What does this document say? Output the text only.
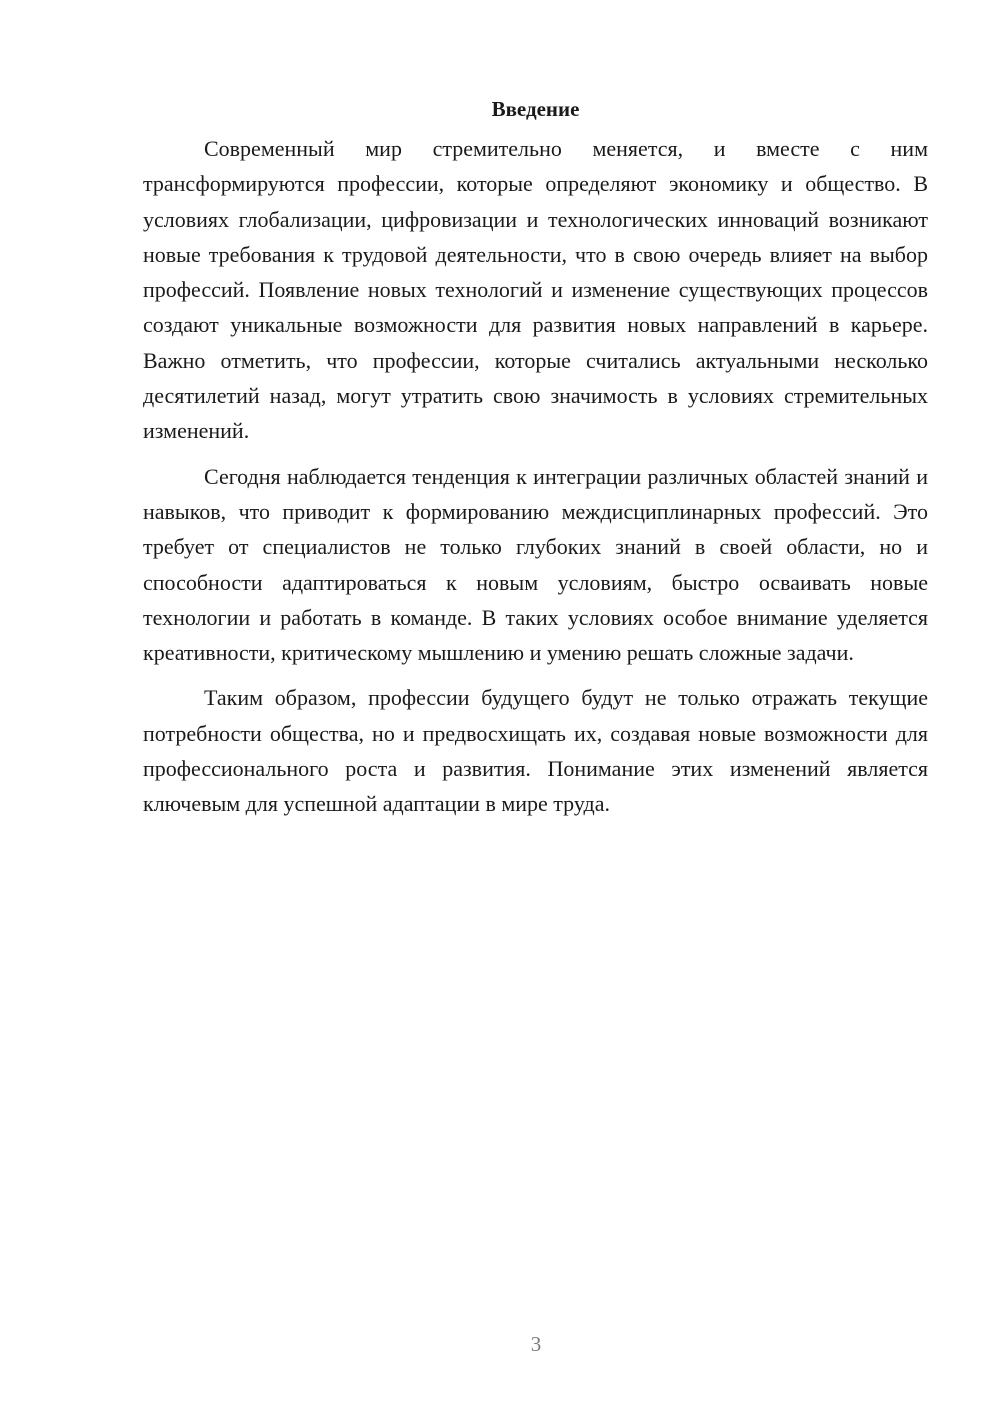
Введение

Современный мир стремительно меняется, и вместе с ним трансформируются профессии, которые определяют экономику и общество. В условиях глобализации, цифровизации и технологических инноваций возникают новые требования к трудовой деятельности, что в свою очередь влияет на выбор профессий. Появление новых технологий и изменение существующих процессов создают уникальные возможности для развития новых направлений в карьере. Важно отметить, что профессии, которые считались актуальными несколько десятилетий назад, могут утратить свою значимость в условиях стремительных изменений.

Сегодня наблюдается тенденция к интеграции различных областей знаний и навыков, что приводит к формированию междисциплинарных профессий. Это требует от специалистов не только глубоких знаний в своей области, но и способности адаптироваться к новым условиям, быстро осваивать новые технологии и работать в команде. В таких условиях особое внимание уделяется креативности, критическому мышлению и умению решать сложные задачи.

Таким образом, профессии будущего будут не только отражать текущие потребности общества, но и предвосхищать их, создавая новые возможности для профессионального роста и развития. Понимание этих изменений является ключевым для успешной адаптации в мире труда.

3
